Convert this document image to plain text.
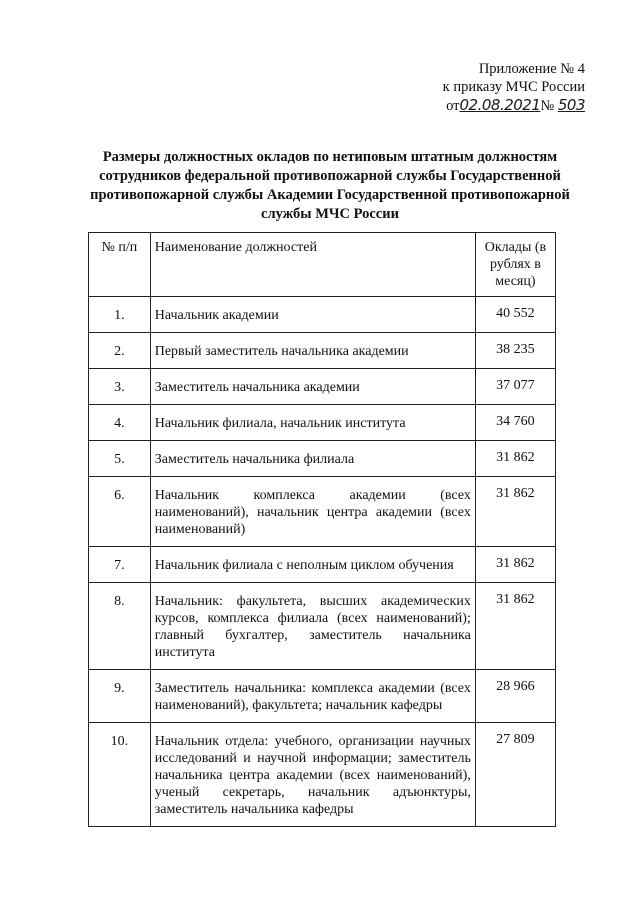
Приложение № 4
к приказу МЧС России
от02.08.2021№ 503
Размеры должностных окладов по нетиповым штатным должностям сотрудников федеральной противопожарной службы Государственной противопожарной службы Академии Государственной противопожарной службы МЧС России
№ п/п	Наименование должностей	Оклады (в рублях в месяц)
1.	Начальник академии	40 552
2.	Первый заместитель начальника академии	38 235
3.	Заместитель начальника академии	37 077
4.	Начальник филиала, начальник института	34 760
5.	Заместитель начальника филиала	31 862
6.	Начальник комплекса академии (всех наименований), начальник центра академии (всех наименований)	31 862
7.	Начальник филиала с неполным циклом обучения	31 862
8.	Начальник: факультета, высших академических курсов, комплекса филиала (всех наименований); главный бухгалтер, заместитель начальника института	31 862
9.	Заместитель начальника: комплекса академии (всех наименований), факультета; начальник кафедры	28 966
10.	Начальник отдела: учебного, организации научных исследований и научной информации; заместитель начальника центра академии (всех наименований), ученый секретарь, начальник адъюнктуры, заместитель начальника кафедры	27 809
